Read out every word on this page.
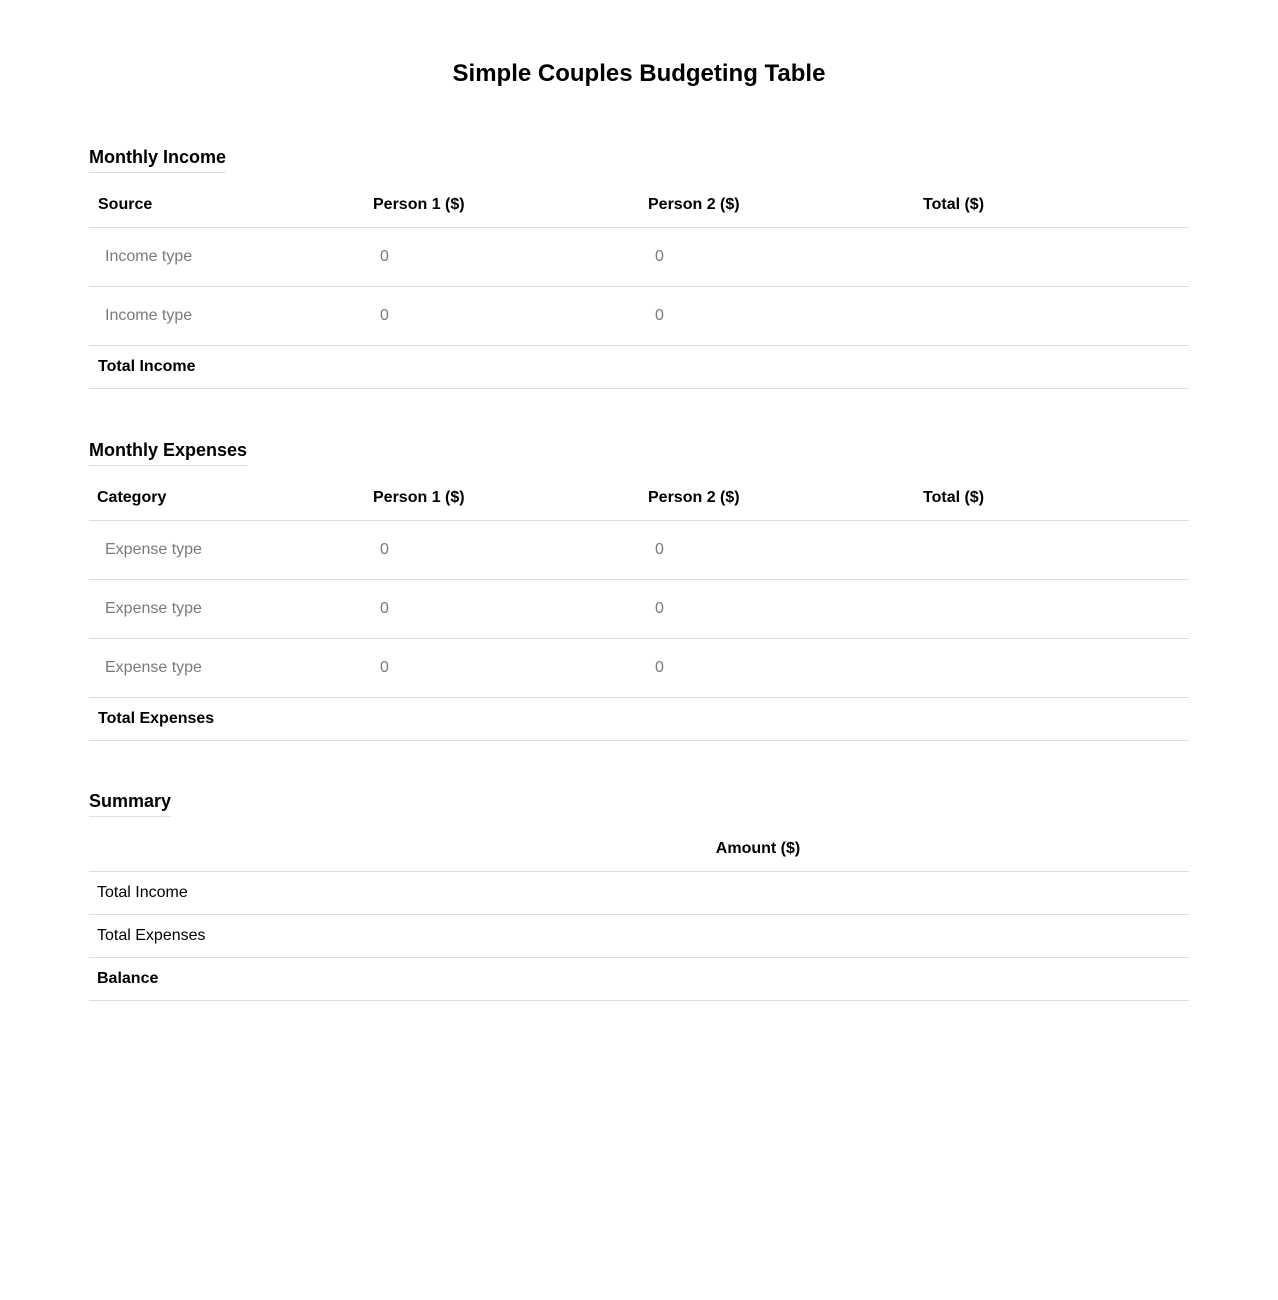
Simple Couples Budgeting Table
Monthly Income
Source	Person 1 ($)	Person 2 ($)	Total ($)
Income type	0	0	
Income type	0	0	
Total Income			
Monthly Expenses
Category	Person 1 ($)	Person 2 ($)	Total ($)
Expense type	0	0	
Expense type	0	0	
Expense type	0	0	
Total Expenses			
Summary
	Amount ($)	
Total Income		
Total Expenses		
Balance		
